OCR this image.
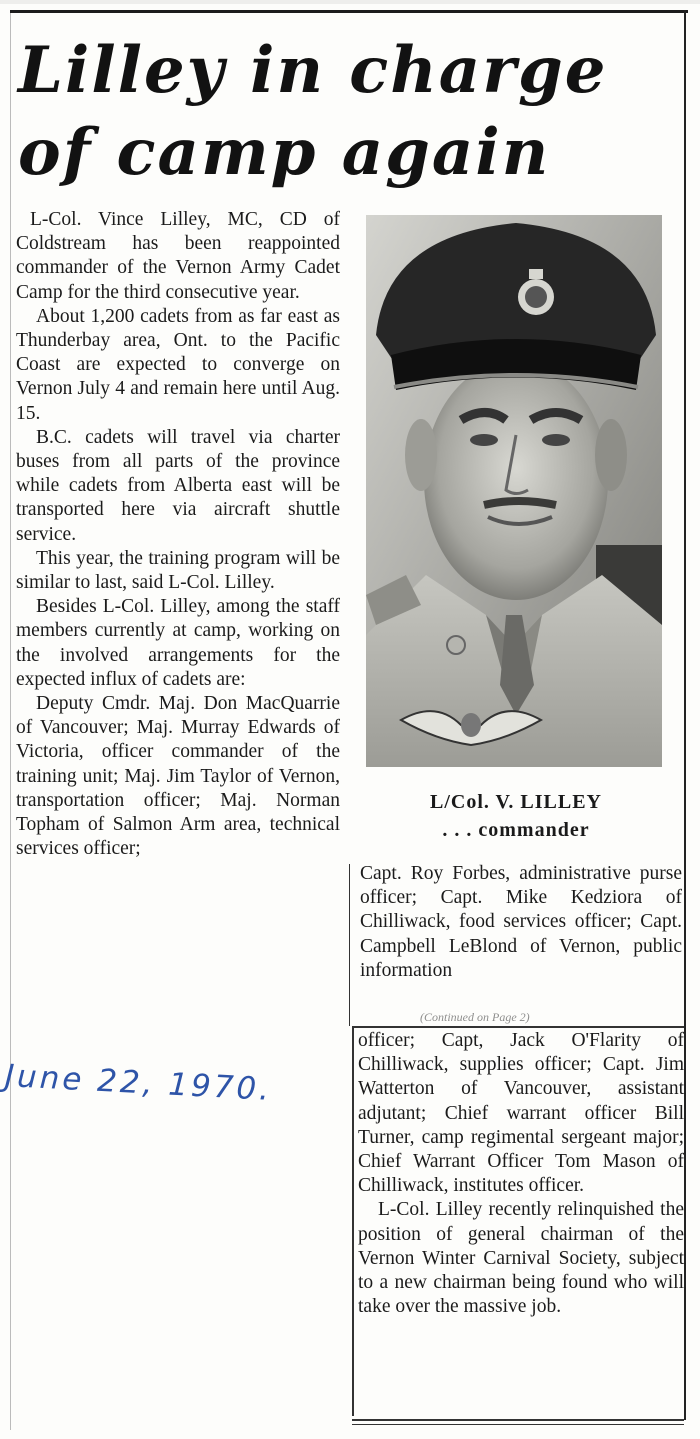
Lilley in charge
of camp again

L-Col. Vince Lilley, MC, CD of Coldstream has been reappointed commander of the Vernon Army Cadet Camp for the third consecutive year.

About 1,200 cadets from as far east as Thunderbay area, Ont. to the Pacific Coast are expected to converge on Vernon July 4 and remain here until Aug. 15.

B.C. cadets will travel via charter buses from all parts of the province while cadets from Alberta east will be transported here via aircraft shuttle service.

This year, the training program will be similar to last, said L-Col. Lilley.

Besides L-Col. Lilley, among the staff members currently at camp, working on the involved arrangements for the expected influx of cadets are:

Deputy Cmdr. Maj. Don MacQuarrie of Vancouver; Maj. Murray Edwards of Victoria, officer commander of the training unit; Maj. Jim Taylor of Vernon, transportation officer; Maj. Norman Topham of Salmon Arm area, technical services officer;

L/Col. V. LILLEY
. . . commander

Capt. Roy Forbes, administrative purse officer; Capt. Mike Kedziora of Chilliwack, food services officer; Capt. Campbell LeBlond of Vernon, public information

(Continued on Page 2)

officer; Capt, Jack O'Flarity of Chilliwack, supplies officer; Capt. Jim Watterton of Vancouver, assistant adjutant; Chief warrant officer Bill Turner, camp regimental sergeant major; Chief Warrant Officer Tom Mason of Chilliwack, institutes officer.

L-Col. Lilley recently relinquished the position of general chairman of the Vernon Winter Carnival Society, subject to a new chairman being found who will take over the massive job.

June 22, 1970.
